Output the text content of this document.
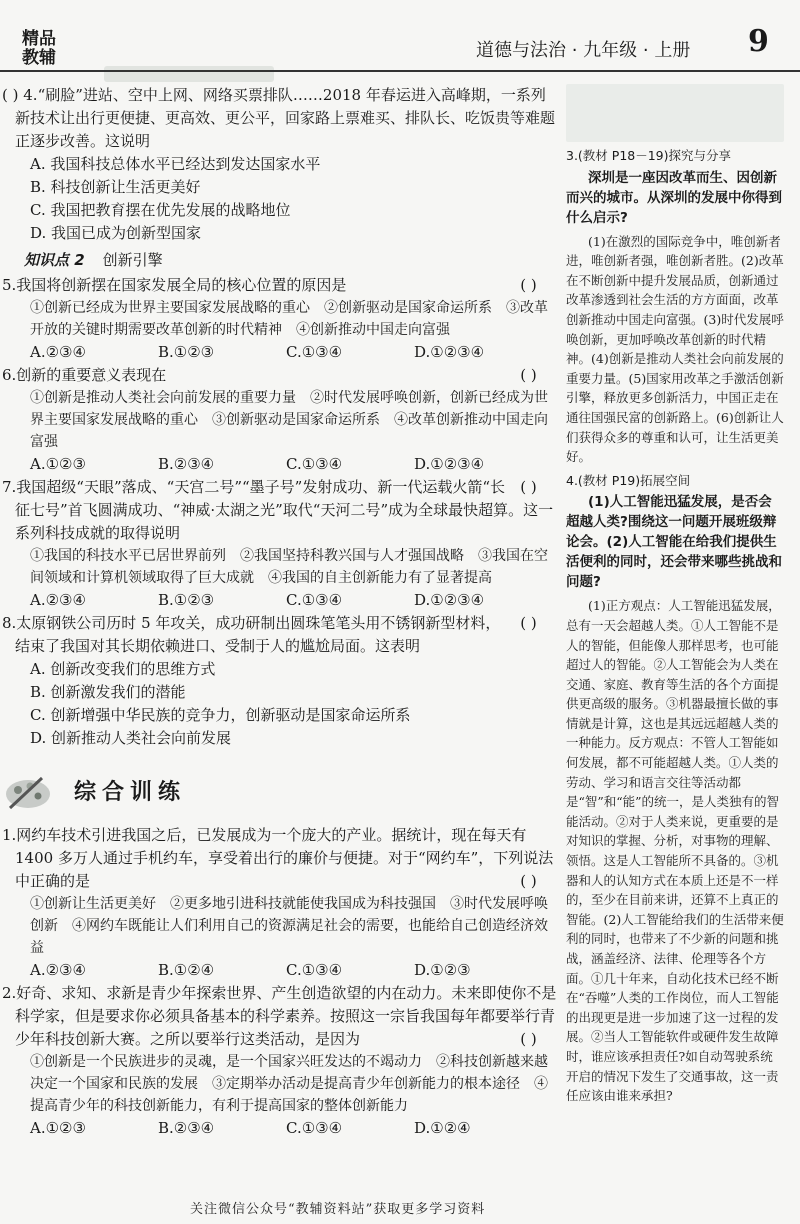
精品
教辅	道德与法治 · 九年级 · 上册 9

( ) 4.“刷脸”进站、空中上网、网络买票排队……2018 年春运进入高峰期，一系列新技术让出行更便捷、更高效、更公平，回家路上票难买、排队长、吃饭贵等难题正逐步改善。这说明

A. 我国科技总体水平已经达到发达国家水平
B. 科技创新让生活更美好
C. 我国把教育摆在优先发展的战略地位
D. 我国已成为创新型国家
知识点 2 创新引擎

5.我国将创新摆在国家发展全局的核心位置的原因是	( )

①创新已经成为世界主要国家发展战略的重心　②创新驱动是国家命运所系　③改革开放的关键时期需要改革创新的时代精神　④创新推动中国走向富强
A.②③④	B.①②③	C.①③④	D.①②③④

6.创新的重要意义表现在	( )

①创新是推动人类社会向前发展的重要力量　②时代发展呼唤创新，创新已经成为世界主要国家发展战略的重心　③创新驱动是国家命运所系　④改革创新推动中国走向富强
A.①②③	B.②③④	C.①③④	D.①②③④

( )
7.我国超级“天眼”落成、“天宫二号”“墨子号”发射成功、新一代运载火箭“长征七号”首飞圆满成功、“神威·太湖之光”取代“天河二号”成为全球最快超算。这一系列科技成就的取得说明

①我国的科技水平已居世界前列　②我国坚持科教兴国与人才强国战略　③我国在空间领域和计算机领域取得了巨大成就　④我国的自主创新能力有了显著提高
A.②③④	B.①②③	C.①③④	D.①②③④

( )
8.太原钢铁公司历时 5 年攻关，成功研制出圆珠笔笔头用不锈钢新型材料，结束了我国对其长期依赖进口、受制于人的尴尬局面。这表明

A. 创新改变我们的思维方式
B. 创新激发我们的潜能
C. 创新增强中华民族的竞争力，创新驱动是国家命运所系
D. 创新推动人类社会向前发展
综合训练

1.网约车技术引进我国之后，已发展成为一个庞大的产业。据统计，现在每天有 1400 多万人通过手机约车，享受着出行的廉价与便捷。对于“网约车”，下列说法中正确的是	( )

①创新让生活更美好　②更多地引进科技就能使我国成为科技强国　③时代发展呼唤创新　④网约车既能让人们利用自己的资源满足社会的需要，也能给自己创造经济效益
A.②③④	B.①②④	C.①③④	D.①②③

2.好奇、求知、求新是青少年探索世界、产生创造欲望的内在动力。未来即使你不是科学家，但是要求你必须具备基本的科学素养。按照这一宗旨我国每年都要举行青少年科技创新大赛。之所以要举行这类活动，是因为	( )

①创新是一个民族进步的灵魂，是一个国家兴旺发达的不竭动力　②科技创新越来越决定一个国家和民族的发展　③定期举办活动是提高青少年创新能力的根本途径　④提高青少年的科技创新能力，有利于提高国家的整体创新能力
A.①②③	B.②③④	C.①③④	D.①②④
3.(教材 P18－19)探究与分享
深圳是一座因改革而生、因创新而兴的城市。从深圳的发展中你得到什么启示?

(1)在激烈的国际竞争中，唯创新者进，唯创新者强，唯创新者胜。(2)改革在不断创新中提升发展品质，创新通过改革渗透到社会生活的方方面面，改革创新推动中国走向富强。(3)时代发展呼唤创新，更加呼唤改革创新的时代精神。(4)创新是推动人类社会向前发展的重要力量。(5)国家用改革之手激活创新引擎，释放更多创新活力，中国正走在通往国强民富的创新路上。(6)创新让人们获得众多的尊重和认可，让生活更美好。

4.(教材 P19)拓展空间
(1)人工智能迅猛发展，是否会超越人类?围绕这一问题开展班级辩论会。(2)人工智能在给我们提供生活便利的同时，还会带来哪些挑战和问题?

(1)正方观点：人工智能迅猛发展，总有一天会超越人类。①人工智能不是人的智能，但能像人那样思考，也可能超过人的智能。②人工智能会为人类在交通、家庭、教育等生活的各个方面提供更高级的服务。③机器最擅长做的事情就是计算，这也是其远远超越人类的一种能力。反方观点：不管人工智能如何发展，都不可能超越人类。①人类的劳动、学习和语言交往等活动都是“智”和“能”的统一，是人类独有的智能活动。②对于人类来说，更重要的是对知识的掌握、分析，对事物的理解、领悟。这是人工智能所不具备的。③机器和人的认知方式在本质上还是不一样的，至少在目前来讲，还算不上真正的智能。(2)人工智能给我们的生活带来便利的同时，也带来了不少新的问题和挑战，涵盖经济、法律、伦理等各个方面。①几十年来，自动化技术已经不断在“吞噬”人类的工作岗位，而人工智能的出现更是进一步加速了这一过程的发展。②当人工智能软件或硬件发生故障时，谁应该承担责任?如自动驾驶系统开启的情况下发生了交通事故，这一责任应该由谁来承担?

关注微信公众号“教辅资料站”获取更多学习资料
